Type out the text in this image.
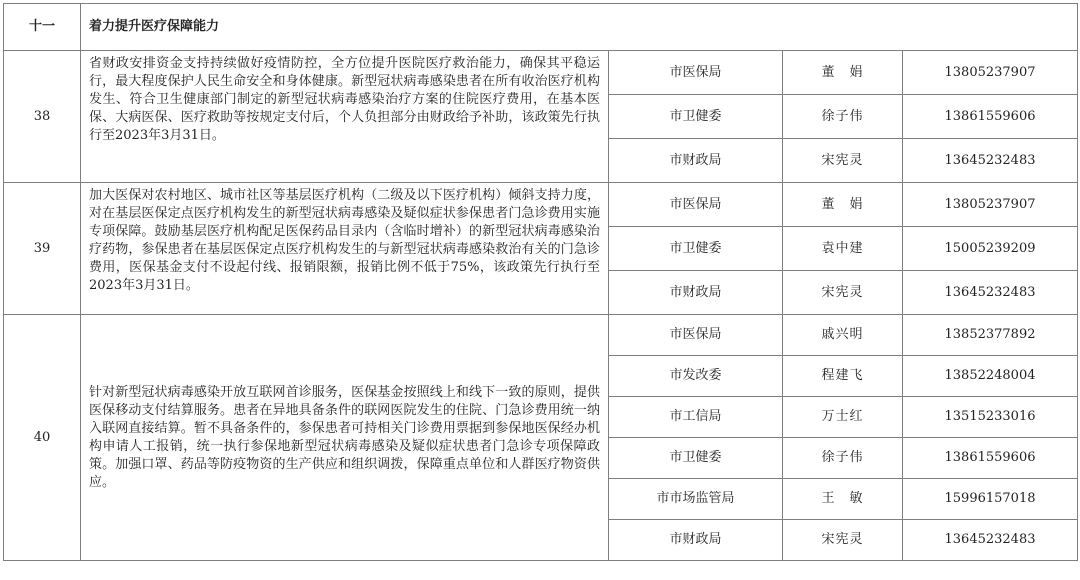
十一	着力提升医疗保障能力			
38	省财政安排资金支持持续做好疫情防控，全方位提升医院医疗救治能力，确保其平稳运行，最大程度保护人民生命安全和身体健康。新型冠状病毒感染患者在所有收治医疗机构发生、符合卫生健康部门制定的新型冠状病毒感染治疗方案的住院医疗费用，在基本医保、大病医保、医疗救助等按规定支付后，个人负担部分由财政给予补助，该政策先行执行至2023年3月31日。	市医保局	董　娟	13805237907
		市卫健委	徐子伟	13861559606
		市财政局	宋宪灵	13645232483
39	加大医保对农村地区、城市社区等基层医疗机构（二级及以下医疗机构）倾斜支持力度，对在基层医保定点医疗机构发生的新型冠状病毒感染及疑似症状参保患者门急诊费用实施专项保障。鼓励基层医疗机构配足医保药品目录内（含临时增补）的新型冠状病毒感染治疗药物，参保患者在基层医保定点医疗机构发生的与新型冠状病毒感染救治有关的门急诊费用，医保基金支付不设起付线、报销限额，报销比例不低于75%，该政策先行执行至2023年3月31日。	市医保局	董　娟	13805237907
		市卫健委	袁中建	15005239209
		市财政局	宋宪灵	13645232483
40	针对新型冠状病毒感染开放互联网首诊服务，医保基金按照线上和线下一致的原则，提供医保移动支付结算服务。患者在异地具备条件的联网医院发生的住院、门急诊费用统一纳入联网直接结算。暂不具备条件的，参保患者可持相关门诊费用票据到参保地医保经办机构申请人工报销，统一执行参保地新型冠状病毒感染及疑似症状患者门急诊专项保障政策。加强口罩、药品等防疫物资的生产供应和组织调拨，保障重点单位和人群医疗物资供应。	市医保局	戚兴明	13852377892
		市发改委	程建飞	13852248004
		市工信局	万士红	13515233016
		市卫健委	徐子伟	13861559606
		市市场监管局	王　敏	15996157018
		市财政局	宋宪灵	13645232483
